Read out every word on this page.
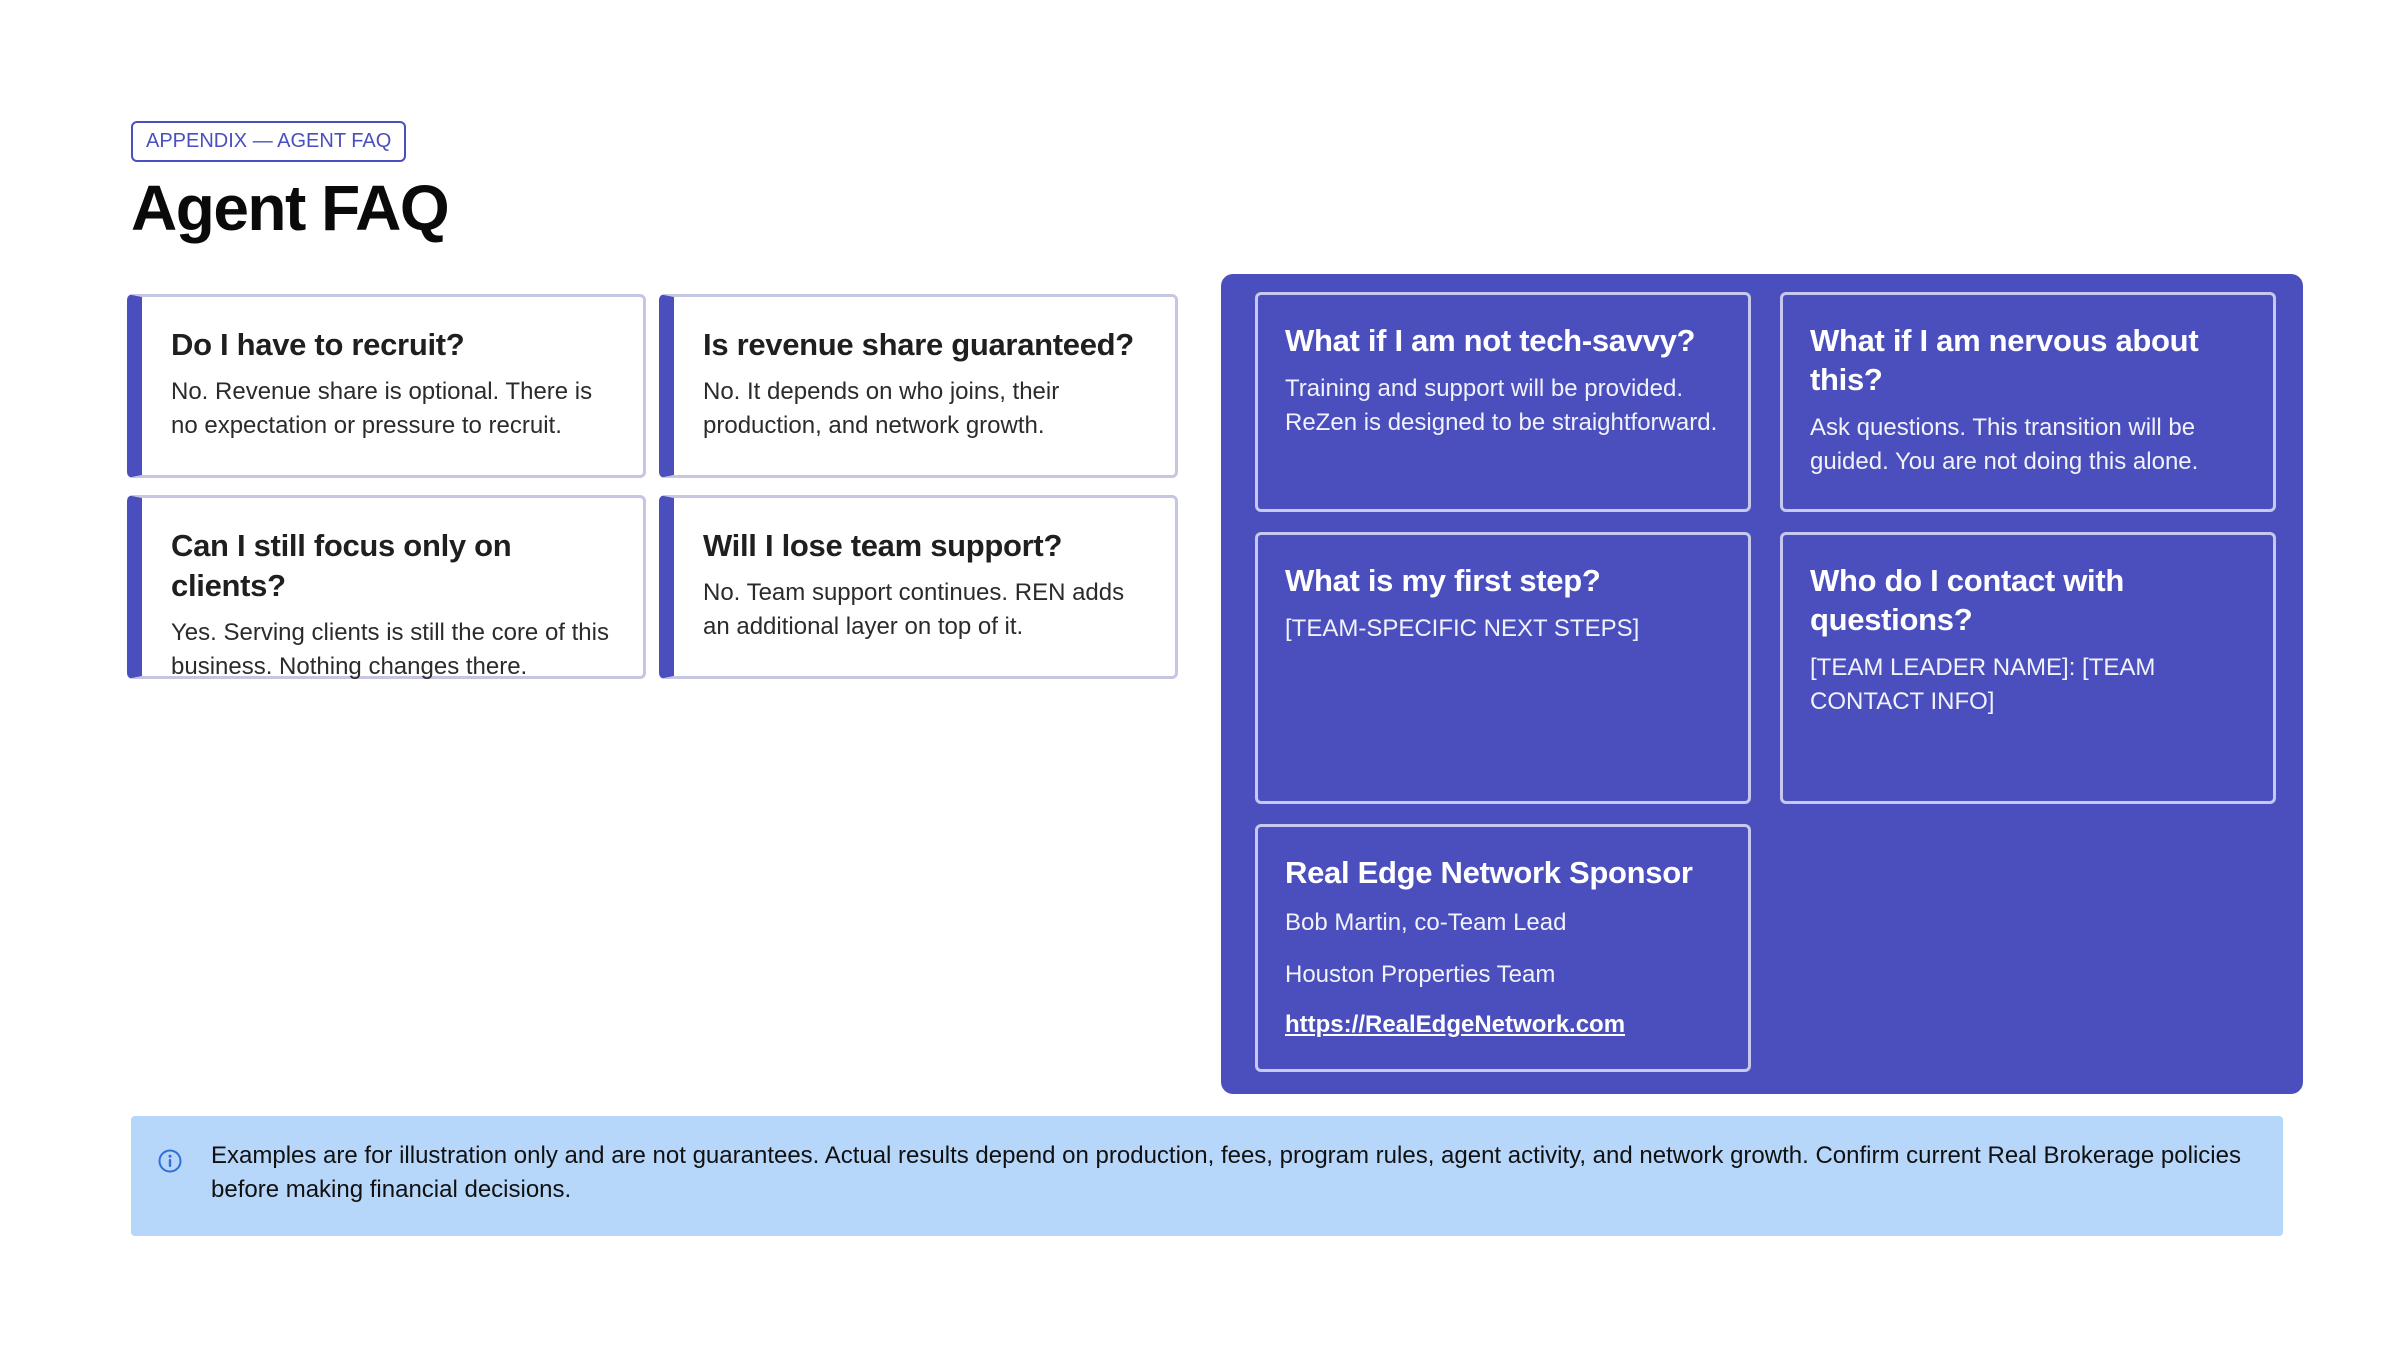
APPENDIX — AGENT FAQ
Agent FAQ
Do I have to recruit?
No. Revenue share is optional. There is no expectation or pressure to recruit.
Is revenue share guaranteed?
No. It depends on who joins, their production, and network growth.
Can I still focus only on clients?
Yes. Serving clients is still the core of this business. Nothing changes there.
Will I lose team support?
No. Team support continues. REN adds an additional layer on top of it.
What if I am not tech-savvy?
Training and support will be provided. ReZen is designed to be straightforward.
What if I am nervous about this?
Ask questions. This transition will be guided. You are not doing this alone.
What is my first step?
[TEAM-SPECIFIC NEXT STEPS]
Who do I contact with questions?
[TEAM LEADER NAME]: [TEAM CONTACT INFO]
Real Edge Network Sponsor
Bob Martin, co-Team Lead
Houston Properties Team
https://RealEdgeNetwork.com
Examples are for illustration only and are not guarantees. Actual results depend on production, fees, program rules, agent activity, and network growth. Confirm current Real Brokerage policies before making financial decisions.
